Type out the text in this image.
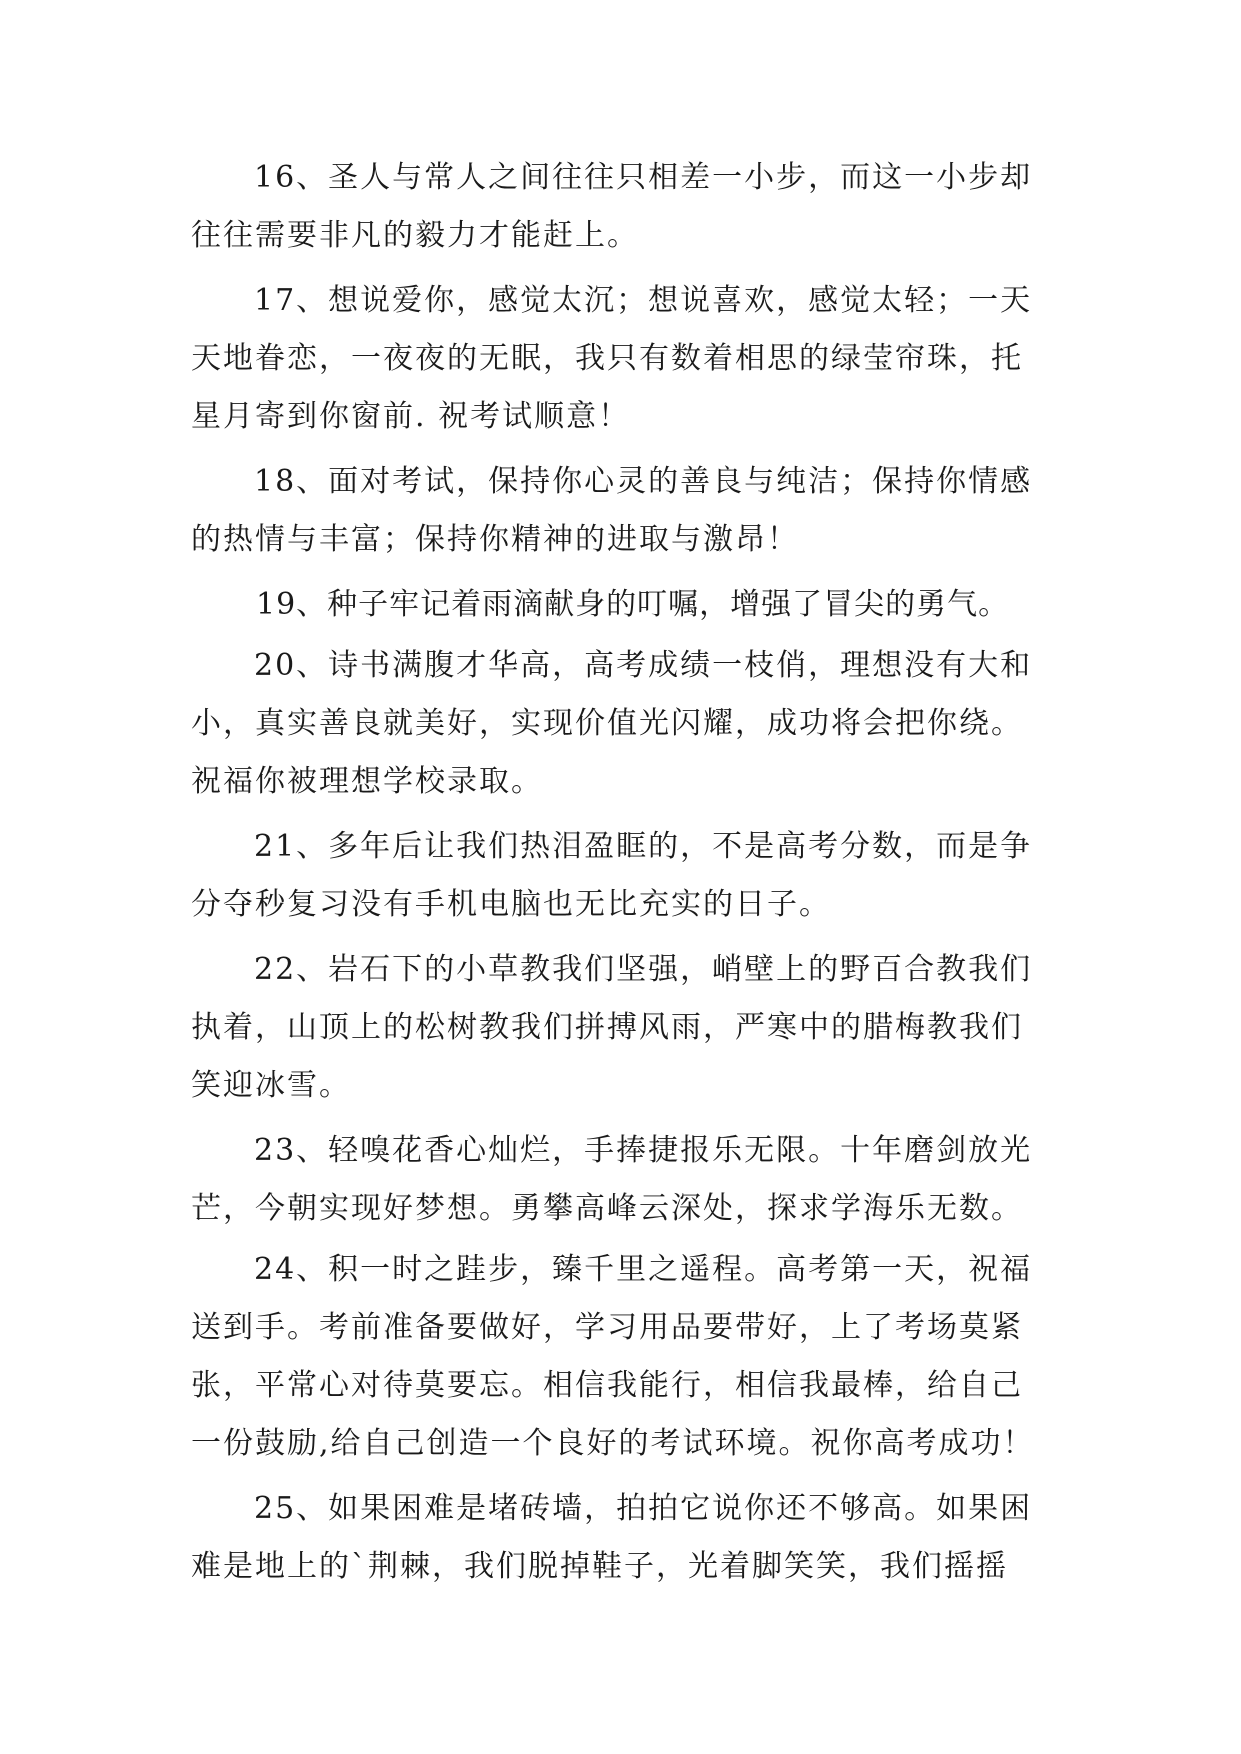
16、圣人与常人之间往往只相差一小步，而这一小步却
往往需要非凡的毅力才能赶上。
17、想说爱你，感觉太沉；想说喜欢，感觉太轻；一天
天地眷恋，一夜夜的无眠，我只有数着相思的绿莹帘珠，托
星月寄到你窗前. 祝考试顺意！
18、面对考试，保持你心灵的善良与纯洁；保持你情感
的热情与丰富；保持你精神的进取与激昂！
19、种子牢记着雨滴献身的叮嘱，增强了冒尖的勇气。
20、诗书满腹才华高，高考成绩一枝俏，理想没有大和
小，真实善良就美好，实现价值光闪耀，成功将会把你绕。
祝福你被理想学校录取。
21、多年后让我们热泪盈眶的，不是高考分数，而是争
分夺秒复习没有手机电脑也无比充实的日子。
22、岩石下的小草教我们坚强，峭壁上的野百合教我们
执着，山顶上的松树教我们拼搏风雨，严寒中的腊梅教我们
笑迎冰雪。
23、轻嗅花香心灿烂，手捧捷报乐无限。十年磨剑放光
芒，今朝实现好梦想。勇攀高峰云深处，探求学海乐无数。
24、积一时之跬步，臻千里之遥程。高考第一天，祝福
送到手。考前准备要做好，学习用品要带好，上了考场莫紧
张，平常心对待莫要忘。相信我能行，相信我最棒，给自己
一份鼓励,给自己创造一个良好的考试环境。祝你高考成功！
25、如果困难是堵砖墙，拍拍它说你还不够高。如果困
难是地上的`荆棘，我们脱掉鞋子，光着脚笑笑，我们摇摇
